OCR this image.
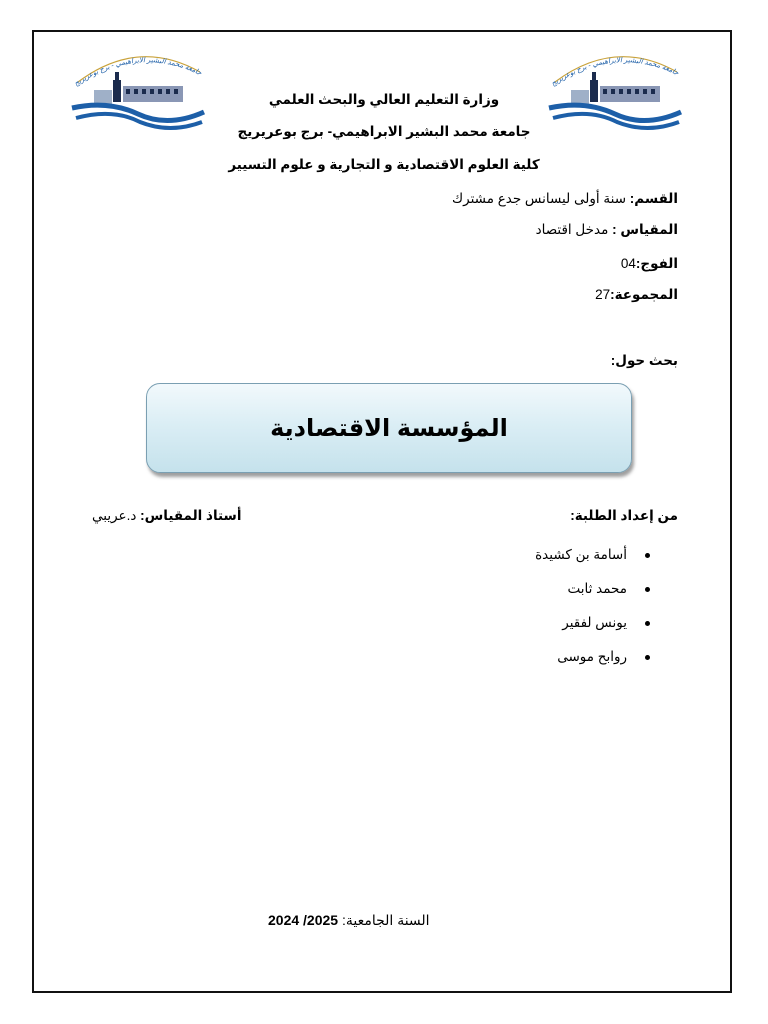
جامعة محمد البشير الابراهيمي - برج بوعريريج
جامعة محمد البشير الابراهيمي - برج بوعريريج
وزارة التعليم العالي والبحث العلمي
جامعة محمد البشير الابراهيمي- برج بوعريريج
كلية العلوم الاقتصادية و التجارية و علوم التسيير
القسم: سنة أولى ليسانس جدع مشترك
المقياس : مدخل اقتصاد
الفوج:04
المجموعة:27
بحث حول:
المؤسسة الاقتصادية
من إعداد الطلبة:
أستاذ المقياس: د.عريبي
أسامة بن كشيدة
محمد ثابت
يونس لفقير
روابح موسى
السنة الجامعية: 2024 /2025
